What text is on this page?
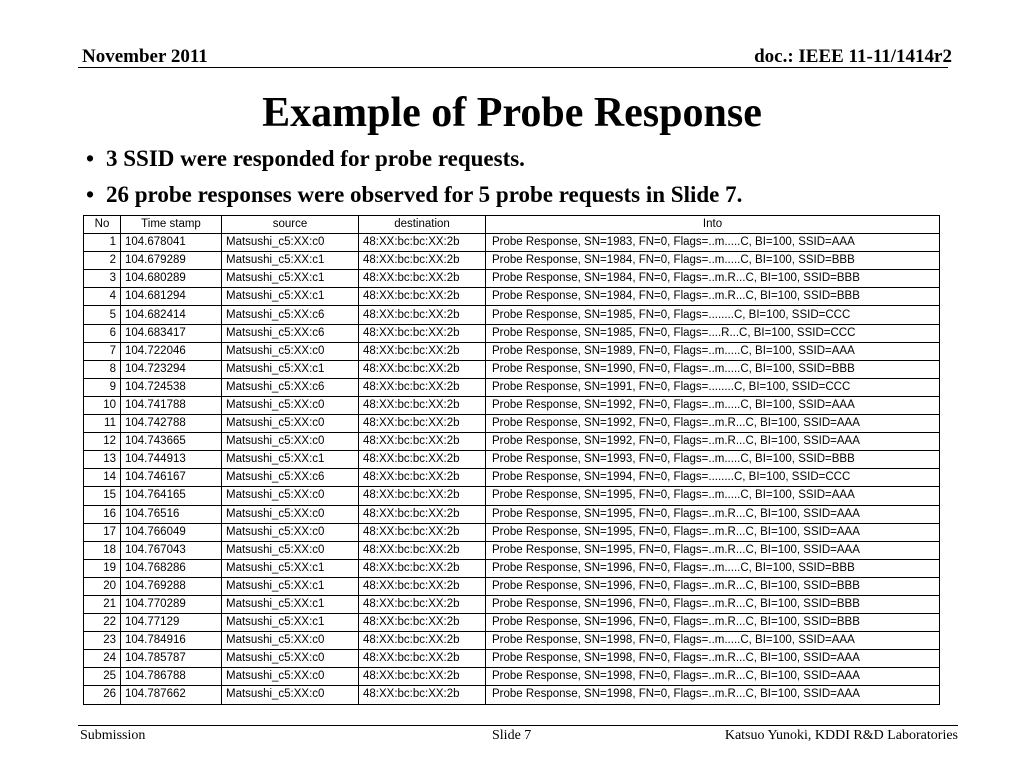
November 2011	doc.: IEEE 11-11/1414r2
Example of Probe Response
• 3 SSID were responded for probe requests.
• 26 probe responses were observed for 5 probe requests in Slide 7.
No	Time stamp	source	destination	Into
1	104.678041	Matsushi_c5:XX:c0	48:XX:bc:bc:XX:2b	Probe Response, SN=1983, FN=0, Flags=..m.....C, BI=100, SSID=AAA
2	104.679289	Matsushi_c5:XX:c1	48:XX:bc:bc:XX:2b	Probe Response, SN=1984, FN=0, Flags=..m.....C, BI=100, SSID=BBB
3	104.680289	Matsushi_c5:XX:c1	48:XX:bc:bc:XX:2b	Probe Response, SN=1984, FN=0, Flags=..m.R...C, BI=100, SSID=BBB
4	104.681294	Matsushi_c5:XX:c1	48:XX:bc:bc:XX:2b	Probe Response, SN=1984, FN=0, Flags=..m.R...C, BI=100, SSID=BBB
5	104.682414	Matsushi_c5:XX:c6	48:XX:bc:bc:XX:2b	Probe Response, SN=1985, FN=0, Flags=........C, BI=100, SSID=CCC
6	104.683417	Matsushi_c5:XX:c6	48:XX:bc:bc:XX:2b	Probe Response, SN=1985, FN=0, Flags=....R...C, BI=100, SSID=CCC
7	104.722046	Matsushi_c5:XX:c0	48:XX:bc:bc:XX:2b	Probe Response, SN=1989, FN=0, Flags=..m.....C, BI=100, SSID=AAA
8	104.723294	Matsushi_c5:XX:c1	48:XX:bc:bc:XX:2b	Probe Response, SN=1990, FN=0, Flags=..m.....C, BI=100, SSID=BBB
9	104.724538	Matsushi_c5:XX:c6	48:XX:bc:bc:XX:2b	Probe Response, SN=1991, FN=0, Flags=........C, BI=100, SSID=CCC
10	104.741788	Matsushi_c5:XX:c0	48:XX:bc:bc:XX:2b	Probe Response, SN=1992, FN=0, Flags=..m.....C, BI=100, SSID=AAA
11	104.742788	Matsushi_c5:XX:c0	48:XX:bc:bc:XX:2b	Probe Response, SN=1992, FN=0, Flags=..m.R...C, BI=100, SSID=AAA
12	104.743665	Matsushi_c5:XX:c0	48:XX:bc:bc:XX:2b	Probe Response, SN=1992, FN=0, Flags=..m.R...C, BI=100, SSID=AAA
13	104.744913	Matsushi_c5:XX:c1	48:XX:bc:bc:XX:2b	Probe Response, SN=1993, FN=0, Flags=..m.....C, BI=100, SSID=BBB
14	104.746167	Matsushi_c5:XX:c6	48:XX:bc:bc:XX:2b	Probe Response, SN=1994, FN=0, Flags=........C, BI=100, SSID=CCC
15	104.764165	Matsushi_c5:XX:c0	48:XX:bc:bc:XX:2b	Probe Response, SN=1995, FN=0, Flags=..m.....C, BI=100, SSID=AAA
16	104.76516	Matsushi_c5:XX:c0	48:XX:bc:bc:XX:2b	Probe Response, SN=1995, FN=0, Flags=..m.R...C, BI=100, SSID=AAA
17	104.766049	Matsushi_c5:XX:c0	48:XX:bc:bc:XX:2b	Probe Response, SN=1995, FN=0, Flags=..m.R...C, BI=100, SSID=AAA
18	104.767043	Matsushi_c5:XX:c0	48:XX:bc:bc:XX:2b	Probe Response, SN=1995, FN=0, Flags=..m.R...C, BI=100, SSID=AAA
19	104.768286	Matsushi_c5:XX:c1	48:XX:bc:bc:XX:2b	Probe Response, SN=1996, FN=0, Flags=..m.....C, BI=100, SSID=BBB
20	104.769288	Matsushi_c5:XX:c1	48:XX:bc:bc:XX:2b	Probe Response, SN=1996, FN=0, Flags=..m.R...C, BI=100, SSID=BBB
21	104.770289	Matsushi_c5:XX:c1	48:XX:bc:bc:XX:2b	Probe Response, SN=1996, FN=0, Flags=..m.R...C, BI=100, SSID=BBB
22	104.77129	Matsushi_c5:XX:c1	48:XX:bc:bc:XX:2b	Probe Response, SN=1996, FN=0, Flags=..m.R...C, BI=100, SSID=BBB
23	104.784916	Matsushi_c5:XX:c0	48:XX:bc:bc:XX:2b	Probe Response, SN=1998, FN=0, Flags=..m.....C, BI=100, SSID=AAA
24	104.785787	Matsushi_c5:XX:c0	48:XX:bc:bc:XX:2b	Probe Response, SN=1998, FN=0, Flags=..m.R...C, BI=100, SSID=AAA
25	104.786788	Matsushi_c5:XX:c0	48:XX:bc:bc:XX:2b	Probe Response, SN=1998, FN=0, Flags=..m.R...C, BI=100, SSID=AAA
26	104.787662	Matsushi_c5:XX:c0	48:XX:bc:bc:XX:2b	Probe Response, SN=1998, FN=0, Flags=..m.R...C, BI=100, SSID=AAA
Submission	Slide 7	Katsuo Yunoki, KDDI R&D Laboratories
